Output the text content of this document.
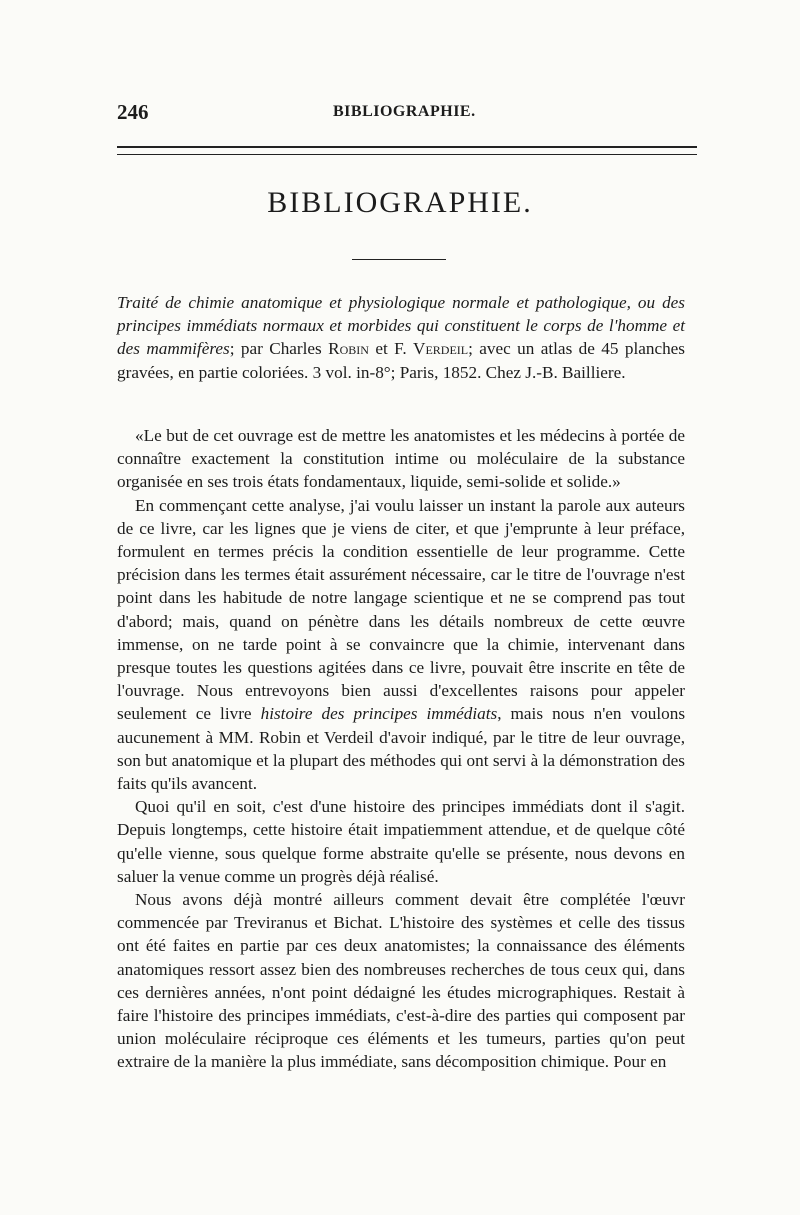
246	BIBLIOGRAPHIE.
BIBLIOGRAPHIE.

Traité de chimie anatomique et physiologique normale et pathologique, ou des principes immédiats normaux et morbides qui constituent le corps de l'homme et des mammifères; par Charles Robin et F. Verdeil; avec un atlas de 45 planches gravées, en partie coloriées. 3 vol. in-8°; Paris, 1852. Chez J.-B. Bailliere.

«Le but de cet ouvrage est de mettre les anatomistes et les médecins à portée de connaître exactement la constitution intime ou moléculaire de la substance organisée en ses trois états fondamentaux, liquide, semi-solide et solide.»

En commençant cette analyse, j'ai voulu laisser un instant la parole aux auteurs de ce livre, car les lignes que je viens de citer, et que j'emprunte à leur préface, formulent en termes précis la condition essentielle de leur programme. Cette précision dans les termes était assurément nécessaire, car le titre de l'ouvrage n'est point dans les habitude de notre langage scientique et ne se comprend pas tout d'abord; mais, quand on pénètre dans les détails nombreux de cette œuvre immense, on ne tarde point à se convaincre que la chimie, intervenant dans presque toutes les questions agitées dans ce livre, pouvait être inscrite en tête de l'ouvrage. Nous entrevoyons bien aussi d'excellentes raisons pour appeler seulement ce livre histoire des principes immédiats, mais nous n'en voulons aucunement à MM. Robin et Verdeil d'avoir indiqué, par le titre de leur ouvrage, son but anatomique et la plupart des méthodes qui ont servi à la démonstration des faits qu'ils avancent.

Quoi qu'il en soit, c'est d'une histoire des principes immédiats dont il s'agit. Depuis longtemps, cette histoire était impatiemment attendue, et de quelque côté qu'elle vienne, sous quelque forme abstraite qu'elle se présente, nous devons en saluer la venue comme un progrès déjà réalisé.

Nous avons déjà montré ailleurs comment devait être complétée l'œuvr commencée par Treviranus et Bichat. L'histoire des systèmes et celle des tissus ont été faites en partie par ces deux anatomistes; la connaissance des éléments anatomiques ressort assez bien des nombreuses recherches de tous ceux qui, dans ces dernières années, n'ont point dédaigné les études micrographiques. Restait à faire l'histoire des principes immédiats, c'est-à-dire des parties qui composent par union moléculaire réciproque ces éléments et les tumeurs, parties qu'on peut extraire de la manière la plus immédiate, sans décomposition chimique. Pour en
